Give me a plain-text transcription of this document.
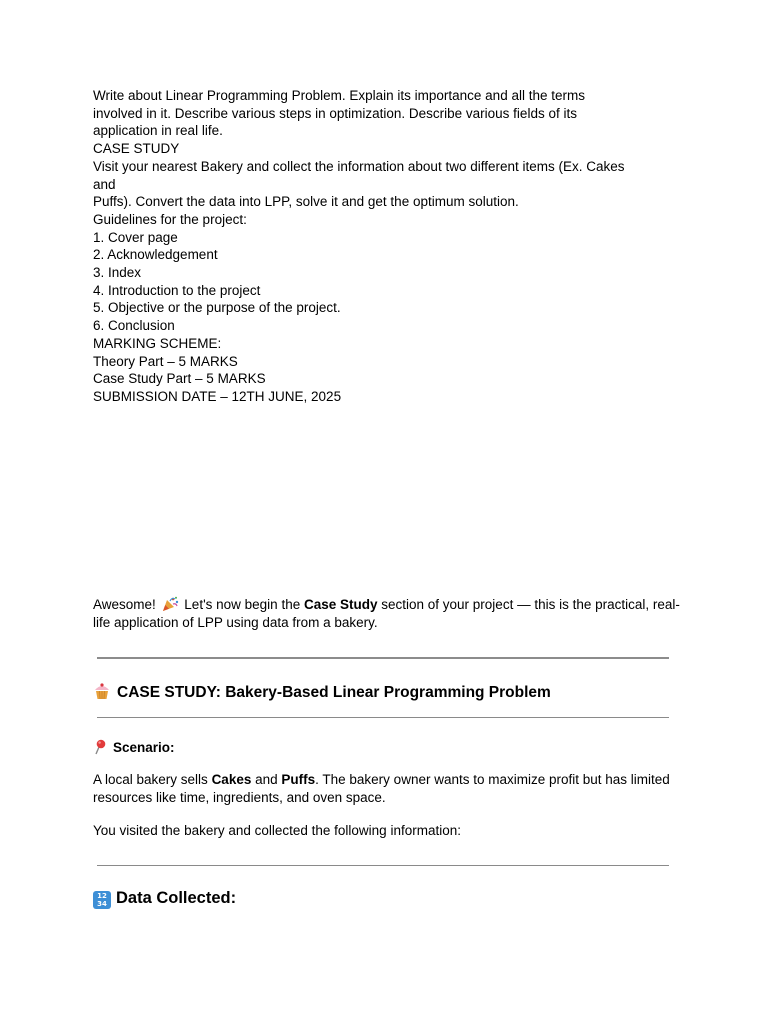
Write about Linear Programming Problem. Explain its importance and all the terms

involved in it. Describe various steps in optimization. Describe various fields of its

application in real life.

CASE STUDY

Visit your nearest Bakery and collect the information about two different items (Ex. Cakes

and

Puffs). Convert the data into LPP, solve it and get the optimum solution.

Guidelines for the project:

1. Cover page

2. Acknowledgement

3. Index

4. Introduction to the project

5. Objective or the purpose of the project.

6. Conclusion

MARKING SCHEME:

Theory Part – 5 MARKS

Case Study Part – 5 MARKS

SUBMISSION DATE – 12TH JUNE, 2025

Awesome!  Let's now begin the Case Study section of your project — this is the practical, real-life application of LPP using data from a bakery.

CASE STUDY: Bakery-Based Linear Programming Problem
Scenario:

A local bakery sells Cakes and Puffs. The bakery owner wants to maximize profit but has limited resources like time, ingredients, and oven space.

You visited the bakery and collected the following information:

12
34 Data Collected:
